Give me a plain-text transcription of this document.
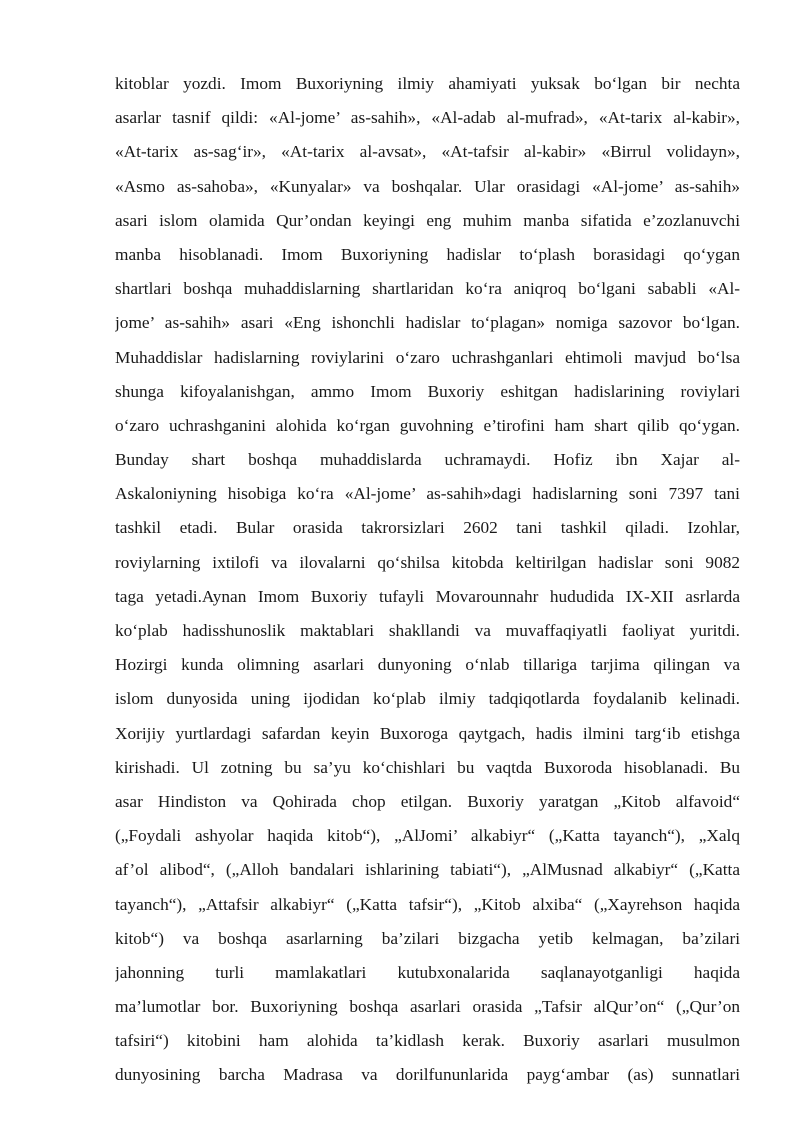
kitoblar yozdi. Imom Buxoriyning ilmiy ahamiyati yuksak bo‘lgan bir nechta
asarlar tasnif qildi: «Al-jome’ as-sahih», «Al-adab al-mufrad», «At-tarix al-kabir»,
«At-tarix as-sag‘ir», «At-tarix al-avsat», «At-tafsir al-kabir» «Birrul volidayn»,
«Asmo as-sahoba», «Kunyalar» va boshqalar. Ular orasidagi «Al-jome’ as-sahih»
asari islom olamida Qur’ondan keyingi eng muhim manba sifatida e’zozlanuvchi
manba hisoblanadi. Imom Buxoriyning hadislar to‘plash borasidagi qo‘ygan
shartlari boshqa muhaddislarning shartlaridan ko‘ra aniqroq bo‘lgani sababli «Al-
jome’ as-sahih» asari «Eng ishonchli hadislar to‘plagan» nomiga sazovor bo‘lgan.
Muhaddislar hadislarning roviylarini o‘zaro uchrashganlari ehtimoli mavjud bo‘lsa
shunga kifoyalanishgan, ammo Imom Buxoriy eshitgan hadislarining roviylari
o‘zaro uchrashganini alohida ko‘rgan guvohning e’tirofini ham shart qilib qo‘ygan.
Bunday shart boshqa muhaddislarda uchramaydi. Hofiz ibn Xajar al-
Askaloniyning hisobiga ko‘ra «Al-jome’ as-sahih»dagi hadislarning soni 7397 tani
tashkil etadi. Bular orasida takrorsizlari 2602 tani tashkil qiladi. Izohlar,
roviylarning ixtilofi va ilovalarni qo‘shilsa kitobda keltirilgan hadislar soni 9082
taga yetadi.Aynan Imom Buxoriy tufayli Movarounnahr hududida IX-XII asrlarda
ko‘plab hadisshunoslik maktablari shakllandi va muvaffaqiyatli faoliyat yuritdi.
Hozirgi kunda olimning asarlari dunyoning o‘nlab tillariga tarjima qilingan va
islom dunyosida uning ijodidan ko‘plab ilmiy tadqiqotlarda foydalanib kelinadi.
Xorijiy yurtlardagi safardan keyin Buxoroga qaytgach, hadis ilmini targ‘ib etishga
kirishadi. Ul zotning bu sa’yu ko‘chishlari bu vaqtda Buxoroda hisoblanadi. Bu
asar Hindiston va Qohirada chop etilgan. Buxoriy yaratgan „Kitob alfavoid“
(„Foydali ashyolar haqida kitob“), „AlJomi’ alkabiyr“ („Katta tayanch“), „Xalq
af’ol alibod“, („Alloh bandalari ishlarining tabiati“), „AlMusnad alkabiyr“ („Katta
tayanch“), „Attafsir alkabiyr“ („Katta tafsir“), „Kitob alxiba“ („Xayrehson haqida
kitob“) va boshqa asarlarning ba’zilari bizgacha yetib kelmagan, ba’zilari
jahonning turli mamlakatlari kutubxonalarida saqlanayotganligi haqida
ma’lumotlar bor. Buxoriyning boshqa asarlari orasida „Tafsir alQur’on“ („Qur’on
tafsiri“) kitobini ham alohida ta’kidlash kerak. Buxoriy asarlari musulmon
dunyosining barcha Madrasa va dorilfununlarida payg‘ambar (as) sunnatlari
